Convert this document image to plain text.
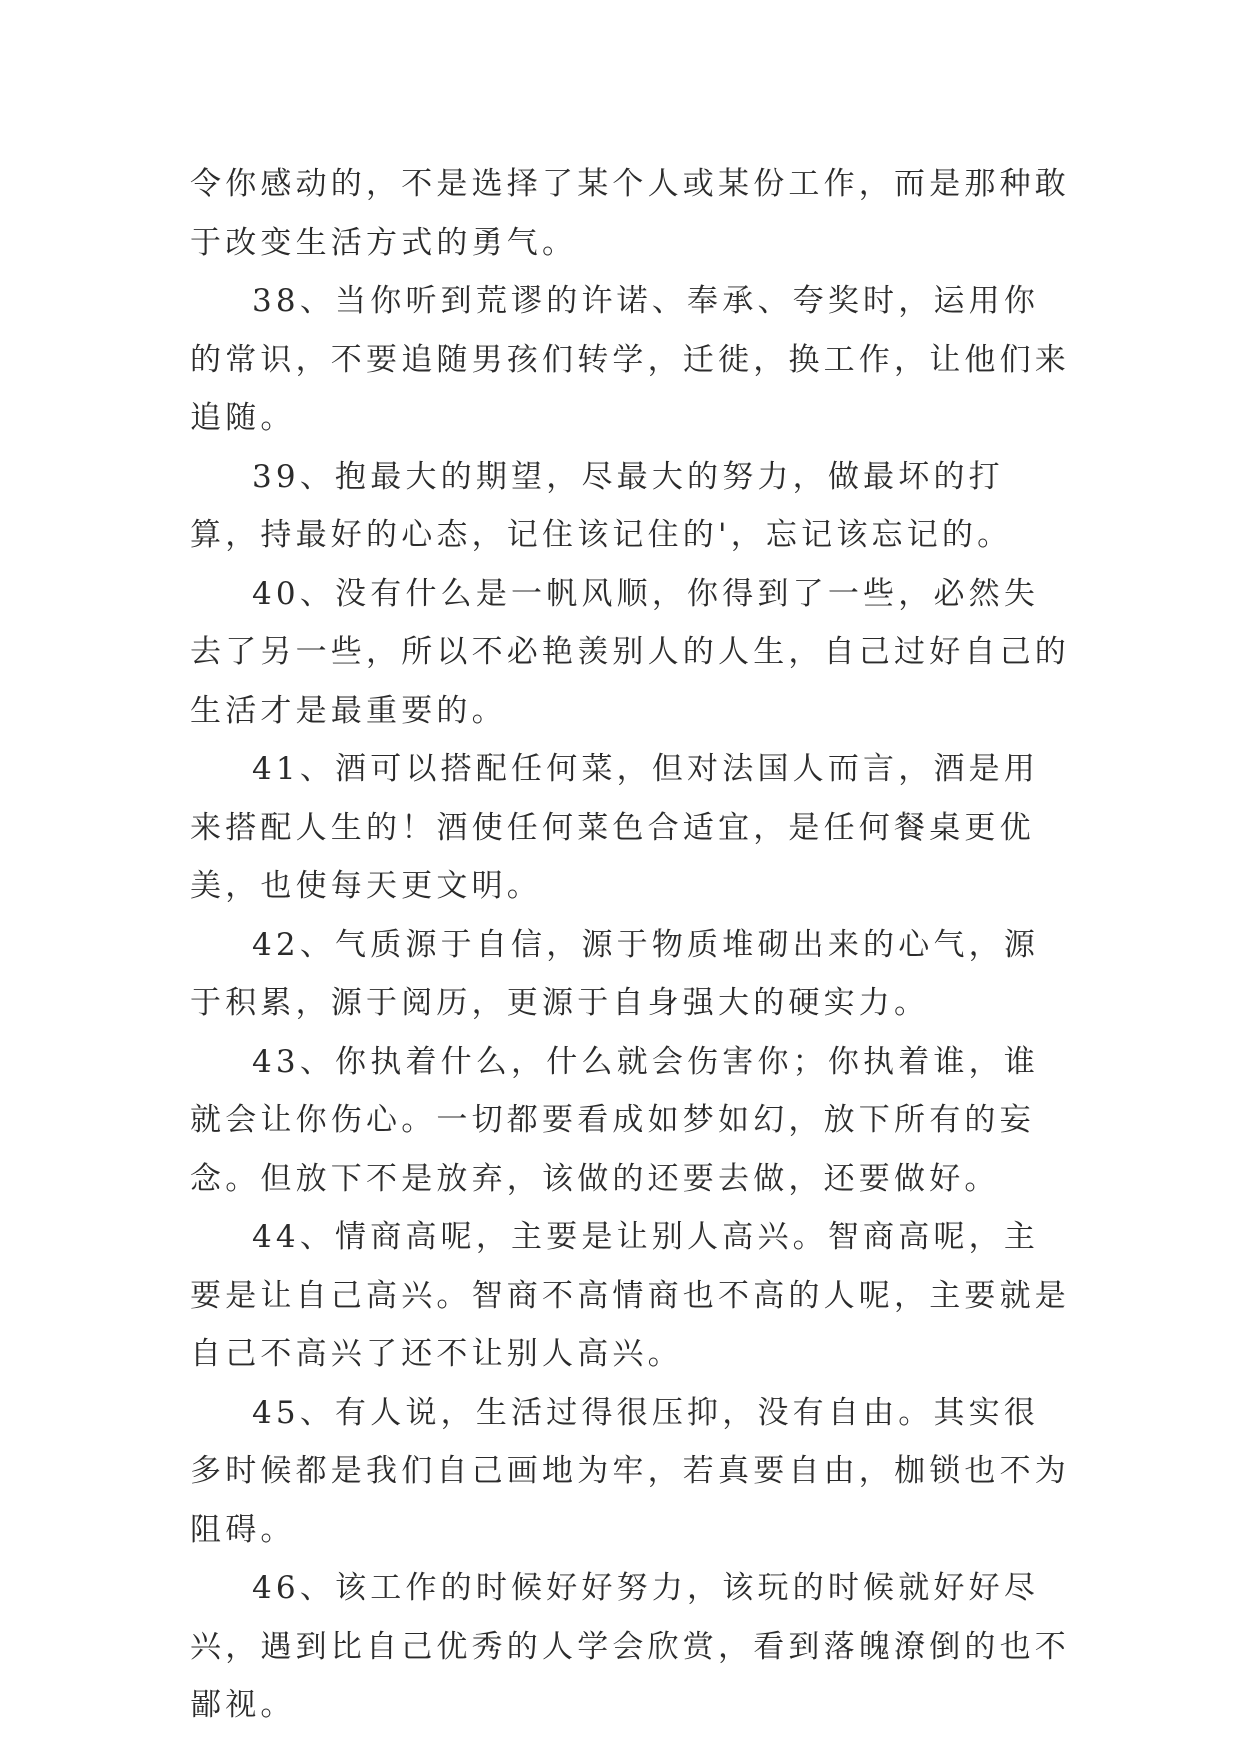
令你感动的，不是选择了某个人或某份工作，而是那种敢于改变生活方式的勇气。

38、当你听到荒谬的许诺、奉承、夸奖时，运用你的常识，不要追随男孩们转学，迁徙，换工作，让他们来追随。

39、抱最大的期望，尽最大的努力，做最坏的打算，持最好的心态，记住该记住的'，忘记该忘记的。

40、没有什么是一帆风顺，你得到了一些，必然失去了另一些，所以不必艳羡别人的人生，自己过好自己的生活才是最重要的。

41、酒可以搭配任何菜，但对法国人而言，酒是用来搭配人生的！酒使任何菜色合适宜，是任何餐桌更优美，也使每天更文明。

42、气质源于自信，源于物质堆砌出来的心气，源于积累，源于阅历，更源于自身强大的硬实力。

43、你执着什么，什么就会伤害你；你执着谁，谁就会让你伤心。一切都要看成如梦如幻，放下所有的妄念。但放下不是放弃，该做的还要去做，还要做好。

44、情商高呢，主要是让别人高兴。智商高呢，主要是让自己高兴。智商不高情商也不高的人呢，主要就是自己不高兴了还不让别人高兴。

45、有人说，生活过得很压抑，没有自由。其实很多时候都是我们自己画地为牢，若真要自由，枷锁也不为阻碍。

46、该工作的时候好好努力，该玩的时候就好好尽兴，遇到比自己优秀的人学会欣赏，看到落魄潦倒的也不鄙视。
